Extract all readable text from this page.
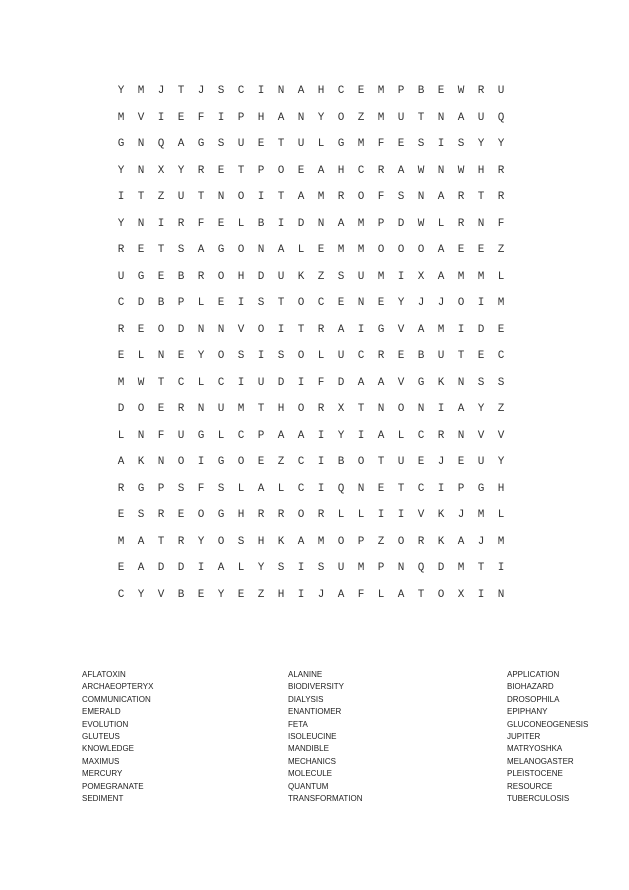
Y M J T J S C I N A H C E M P B E W R U
M V I E F I P H A N Y O Z M U T N A U Q
G N Q A G S U E T U L G M F E S I S Y Y
Y N X Y R E T P O E A H C R A W N W H R
I T Z U T N O I T A M R O F S N A R T R
Y N I R F E L B I D N A M P D W L R N F
R E T S A G O N A L E M M O O O A E E Z
U G E B R O H D U K Z S U M I X A M M L
C D B P L E I S T O C E N E Y J J O I M
R E O D N N V O I T R A I G V A M I D E
E L N E Y O S I S O L U C R E B U T E C
M W T C L C I U D I F D A A V G K N S S
D O E R N U M T H O R X T N O N I A Y Z
L N F U G L C P A A I Y I A L C R N V V
A K N O I G O E Z C I B O T U E J E U Y
R G P S F S L A L C I Q N E T C I P G H
E S R E O G H R R O R L L I I V K J M L
M A T R Y O S H K A M O P Z O R K A J M
E A D D I A L Y S I S U M P N Q D M T I
C Y V B E Y E Z H I J A F L A T O X I N
AFLATOXIN
ARCHAEOPTERYX
COMMUNICATION
EMERALD
EVOLUTION
GLUTEUS
KNOWLEDGE
MAXIMUS
MERCURY
POMEGRANATE
SEDIMENT
ALANINE
BIODIVERSITY
DIALYSIS
ENANTIOMER
FETA
ISOLEUCINE
MANDIBLE
MECHANICS
MOLECULE
QUANTUM
TRANSFORMATION
APPLICATION
BIOHAZARD
DROSOPHILA
EPIPHANY
GLUCONEOGENESIS
JUPITER
MATRYOSHKA
MELANOGASTER
PLEISTOCENE
RESOURCE
TUBERCULOSIS
